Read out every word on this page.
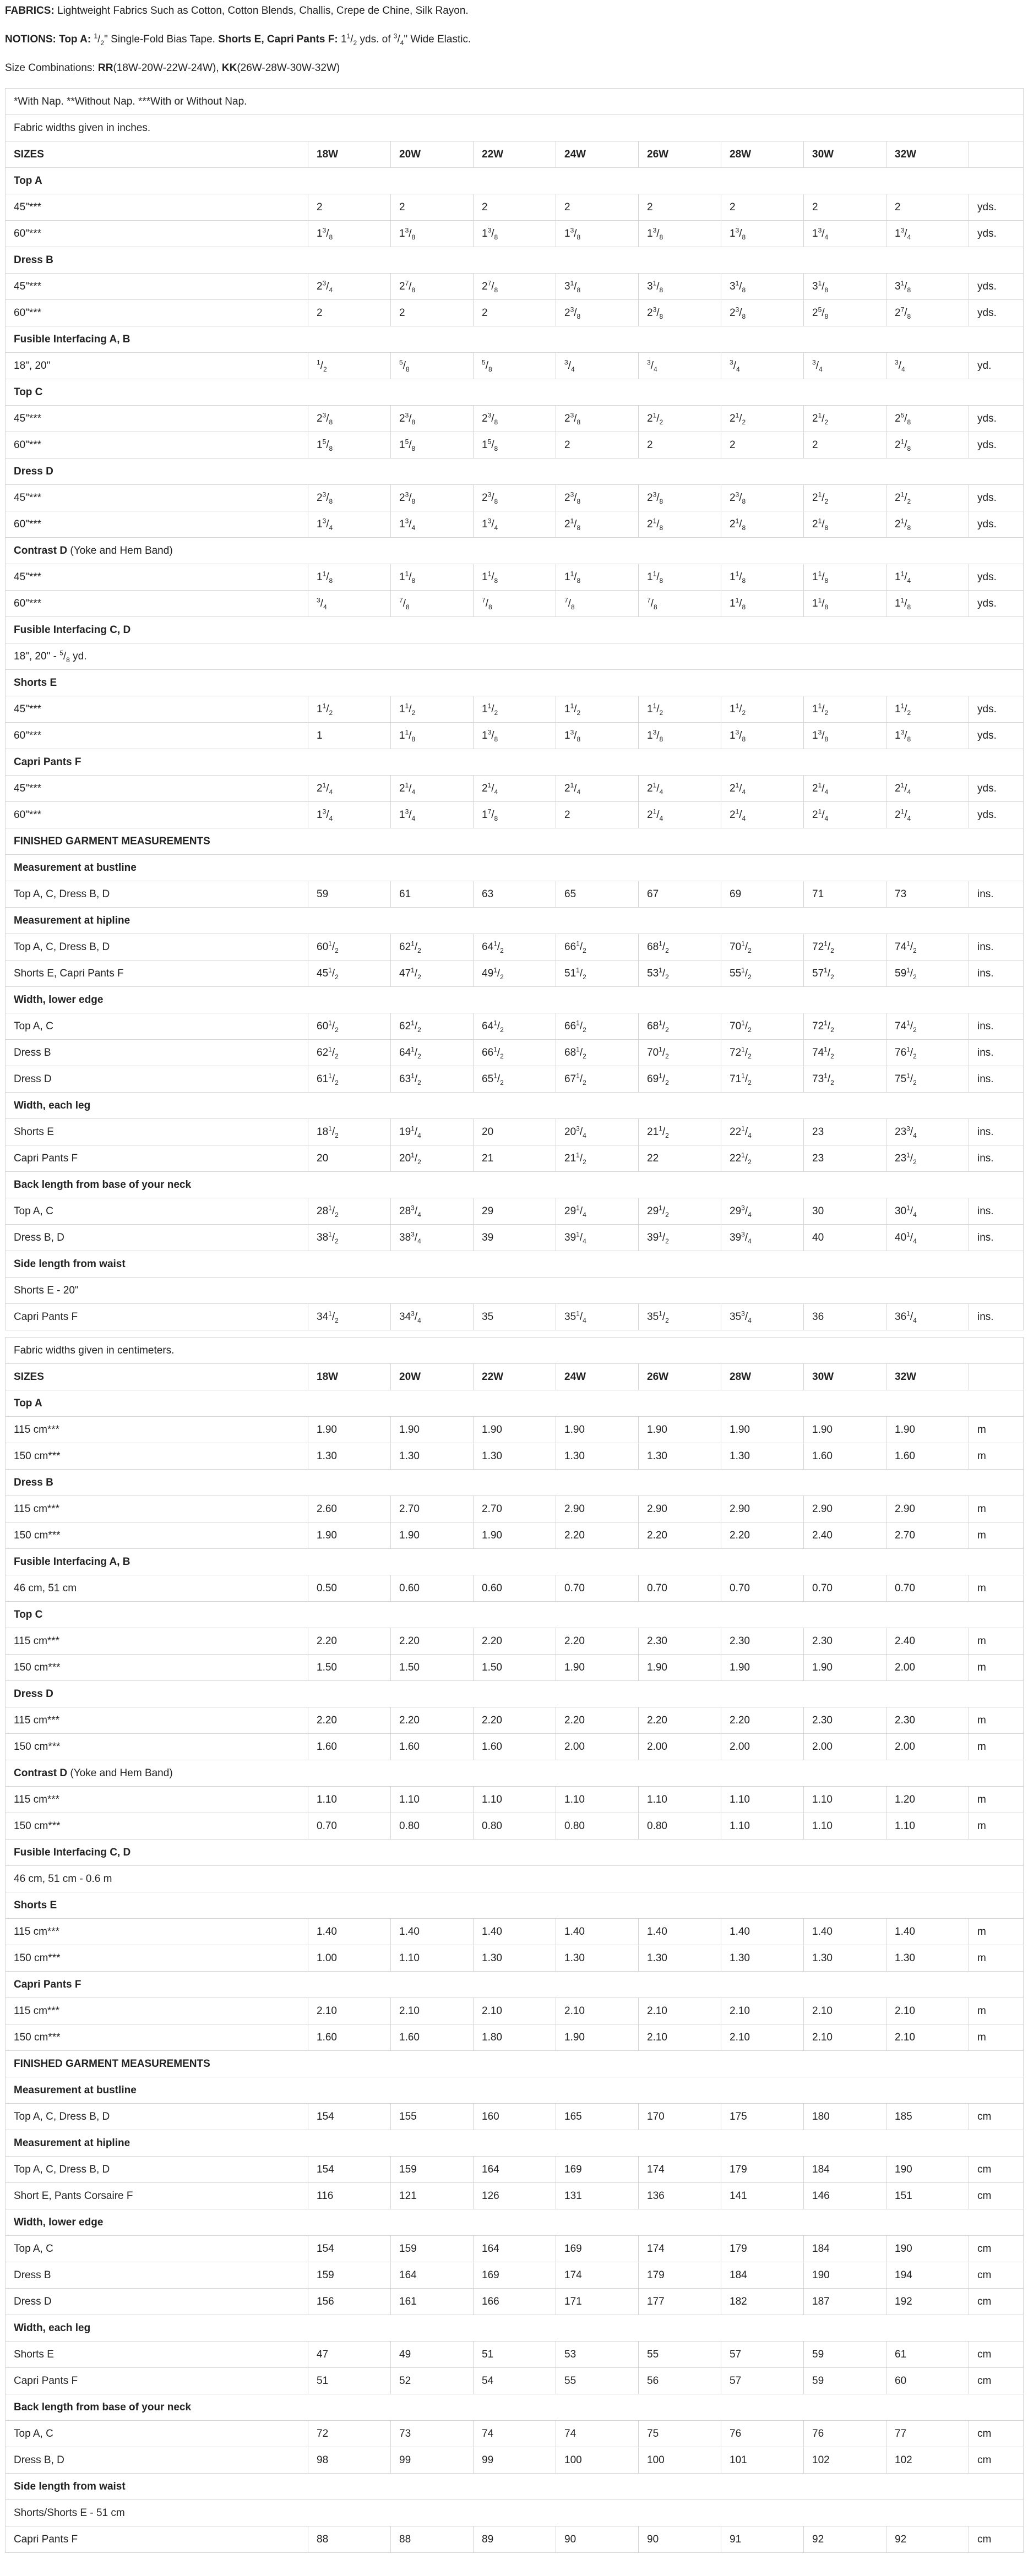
FABRICS: Lightweight Fabrics Such as Cotton, Cotton Blends, Challis, Crepe de Chine, Silk Rayon.
NOTIONS: Top A: $^1/_2$" Single-Fold Bias Tape. Shorts E, Capri Pants F: $1^1/_2$ yds. of $^3/_4$" Wide Elastic.
Size Combinations: RR(18W-20W-22W-24W), KK(26W-28W-30W-32W)
*With Nap. **Without Nap. ***With or Without Nap.									
Fabric widths given in inches.									
SIZES	18W	20W	22W	24W	26W	28W	30W	32W	
Top A									
45"***	2	2	2	2	2	2	2	2	yds.
60"***	$1^3/_8$	$1^3/_8$	$1^3/_8$	$1^3/_8$	$1^3/_8$	$1^3/_8$	$1^3/_4$	$1^3/_4$	yds.
Dress B									
45"***	$2^3/_4$	$2^7/_8$	$2^7/_8$	$3^1/_8$	$3^1/_8$	$3^1/_8$	$3^1/_8$	$3^1/_8$	yds.
60"***	2	2	2	$2^3/_8$	$2^3/_8$	$2^3/_8$	$2^5/_8$	$2^7/_8$	yds.
Fusible Interfacing A, B									
18", 20"	$^1/_2$	$^5/_8$	$^5/_8$	$^3/_4$	$^3/_4$	$^3/_4$	$^3/_4$	$^3/_4$	yd.
Top C									
45"***	$2^3/_8$	$2^3/_8$	$2^3/_8$	$2^3/_8$	$2^1/_2$	$2^1/_2$	$2^1/_2$	$2^5/_8$	yds.
60"***	$1^5/_8$	$1^5/_8$	$1^5/_8$	2	2	2	2	$2^1/_8$	yds.
Dress D									
45"***	$2^3/_8$	$2^3/_8$	$2^3/_8$	$2^3/_8$	$2^3/_8$	$2^3/_8$	$2^1/_2$	$2^1/_2$	yds.
60"***	$1^3/_4$	$1^3/_4$	$1^3/_4$	$2^1/_8$	$2^1/_8$	$2^1/_8$	$2^1/_8$	$2^1/_8$	yds.
Contrast D (Yoke and Hem Band)									
45"***	$1^1/_8$	$1^1/_8$	$1^1/_8$	$1^1/_8$	$1^1/_8$	$1^1/_8$	$1^1/_8$	$1^1/_4$	yds.
60"***	$^3/_4$	$^7/_8$	$^7/_8$	$^7/_8$	$^7/_8$	$1^1/_8$	$1^1/_8$	$1^1/_8$	yds.
Fusible Interfacing C, D									
18", 20" - $^5/_8$ yd.									
Shorts E									
45"***	$1^1/_2$	$1^1/_2$	$1^1/_2$	$1^1/_2$	$1^1/_2$	$1^1/_2$	$1^1/_2$	$1^1/_2$	yds.
60"***	1	$1^1/_8$	$1^3/_8$	$1^3/_8$	$1^3/_8$	$1^3/_8$	$1^3/_8$	$1^3/_8$	yds.
Capri Pants F									
45"***	$2^1/_4$	$2^1/_4$	$2^1/_4$	$2^1/_4$	$2^1/_4$	$2^1/_4$	$2^1/_4$	$2^1/_4$	yds.
60"***	$1^3/_4$	$1^3/_4$	$1^7/_8$	2	$2^1/_4$	$2^1/_4$	$2^1/_4$	$2^1/_4$	yds.
FINISHED GARMENT MEASUREMENTS									
Measurement at bustline									
Top A, C, Dress B, D	59	61	63	65	67	69	71	73	ins.
Measurement at hipline									
Top A, C, Dress B, D	$60^1/_2$	$62^1/_2$	$64^1/_2$	$66^1/_2$	$68^1/_2$	$70^1/_2$	$72^1/_2$	$74^1/_2$	ins.
Shorts E, Capri Pants F	$45^1/_2$	$47^1/_2$	$49^1/_2$	$51^1/_2$	$53^1/_2$	$55^1/_2$	$57^1/_2$	$59^1/_2$	ins.
Width, lower edge									
Top A, C	$60^1/_2$	$62^1/_2$	$64^1/_2$	$66^1/_2$	$68^1/_2$	$70^1/_2$	$72^1/_2$	$74^1/_2$	ins.
Dress B	$62^1/_2$	$64^1/_2$	$66^1/_2$	$68^1/_2$	$70^1/_2$	$72^1/_2$	$74^1/_2$	$76^1/_2$	ins.
Dress D	$61^1/_2$	$63^1/_2$	$65^1/_2$	$67^1/_2$	$69^1/_2$	$71^1/_2$	$73^1/_2$	$75^1/_2$	ins.
Width, each leg									
Shorts E	$18^1/_2$	$19^1/_4$	20	$20^3/_4$	$21^1/_2$	$22^1/_4$	23	$23^3/_4$	ins.
Capri Pants F	20	$20^1/_2$	21	$21^1/_2$	22	$22^1/_2$	23	$23^1/_2$	ins.
Back length from base of your neck									
Top A, C	$28^1/_2$	$28^3/_4$	29	$29^1/_4$	$29^1/_2$	$29^3/_4$	30	$30^1/_4$	ins.
Dress B, D	$38^1/_2$	$38^3/_4$	39	$39^1/_4$	$39^1/_2$	$39^3/_4$	40	$40^1/_4$	ins.
Side length from waist									
Shorts E - 20"									
Capri Pants F	$34^1/_2$	$34^3/_4$	35	$35^1/_4$	$35^1/_2$	$35^3/_4$	36	$36^1/_4$	ins.
Fabric widths given in centimeters.									
SIZES	18W	20W	22W	24W	26W	28W	30W	32W	
Top A									
115 cm***	1.90	1.90	1.90	1.90	1.90	1.90	1.90	1.90	m
150 cm***	1.30	1.30	1.30	1.30	1.30	1.30	1.60	1.60	m
Dress B									
115 cm***	2.60	2.70	2.70	2.90	2.90	2.90	2.90	2.90	m
150 cm***	1.90	1.90	1.90	2.20	2.20	2.20	2.40	2.70	m
Fusible Interfacing A, B									
46 cm, 51 cm	0.50	0.60	0.60	0.70	0.70	0.70	0.70	0.70	m
Top C									
115 cm***	2.20	2.20	2.20	2.20	2.30	2.30	2.30	2.40	m
150 cm***	1.50	1.50	1.50	1.90	1.90	1.90	1.90	2.00	m
Dress D									
115 cm***	2.20	2.20	2.20	2.20	2.20	2.20	2.30	2.30	m
150 cm***	1.60	1.60	1.60	2.00	2.00	2.00	2.00	2.00	m
Contrast D (Yoke and Hem Band)									
115 cm***	1.10	1.10	1.10	1.10	1.10	1.10	1.10	1.20	m
150 cm***	0.70	0.80	0.80	0.80	0.80	1.10	1.10	1.10	m
Fusible Interfacing C, D									
46 cm, 51 cm - 0.6 m									
Shorts E									
115 cm***	1.40	1.40	1.40	1.40	1.40	1.40	1.40	1.40	m
150 cm***	1.00	1.10	1.30	1.30	1.30	1.30	1.30	1.30	m
Capri Pants F									
115 cm***	2.10	2.10	2.10	2.10	2.10	2.10	2.10	2.10	m
150 cm***	1.60	1.60	1.80	1.90	2.10	2.10	2.10	2.10	m
FINISHED GARMENT MEASUREMENTS									
Measurement at bustline									
Top A, C, Dress B, D	154	155	160	165	170	175	180	185	cm
Measurement at hipline									
Top A, C, Dress B, D	154	159	164	169	174	179	184	190	cm
Short E, Pants Corsaire F	116	121	126	131	136	141	146	151	cm
Width, lower edge									
Top A, C	154	159	164	169	174	179	184	190	cm
Dress B	159	164	169	174	179	184	190	194	cm
Dress D	156	161	166	171	177	182	187	192	cm
Width, each leg									
Shorts E	47	49	51	53	55	57	59	61	cm
Capri Pants F	51	52	54	55	56	57	59	60	cm
Back length from base of your neck									
Top A, C	72	73	74	74	75	76	76	77	cm
Dress B, D	98	99	99	100	100	101	102	102	cm
Side length from waist									
Shorts/Shorts E - 51 cm									
Capri Pants F	88	88	89	90	90	91	92	92	cm
